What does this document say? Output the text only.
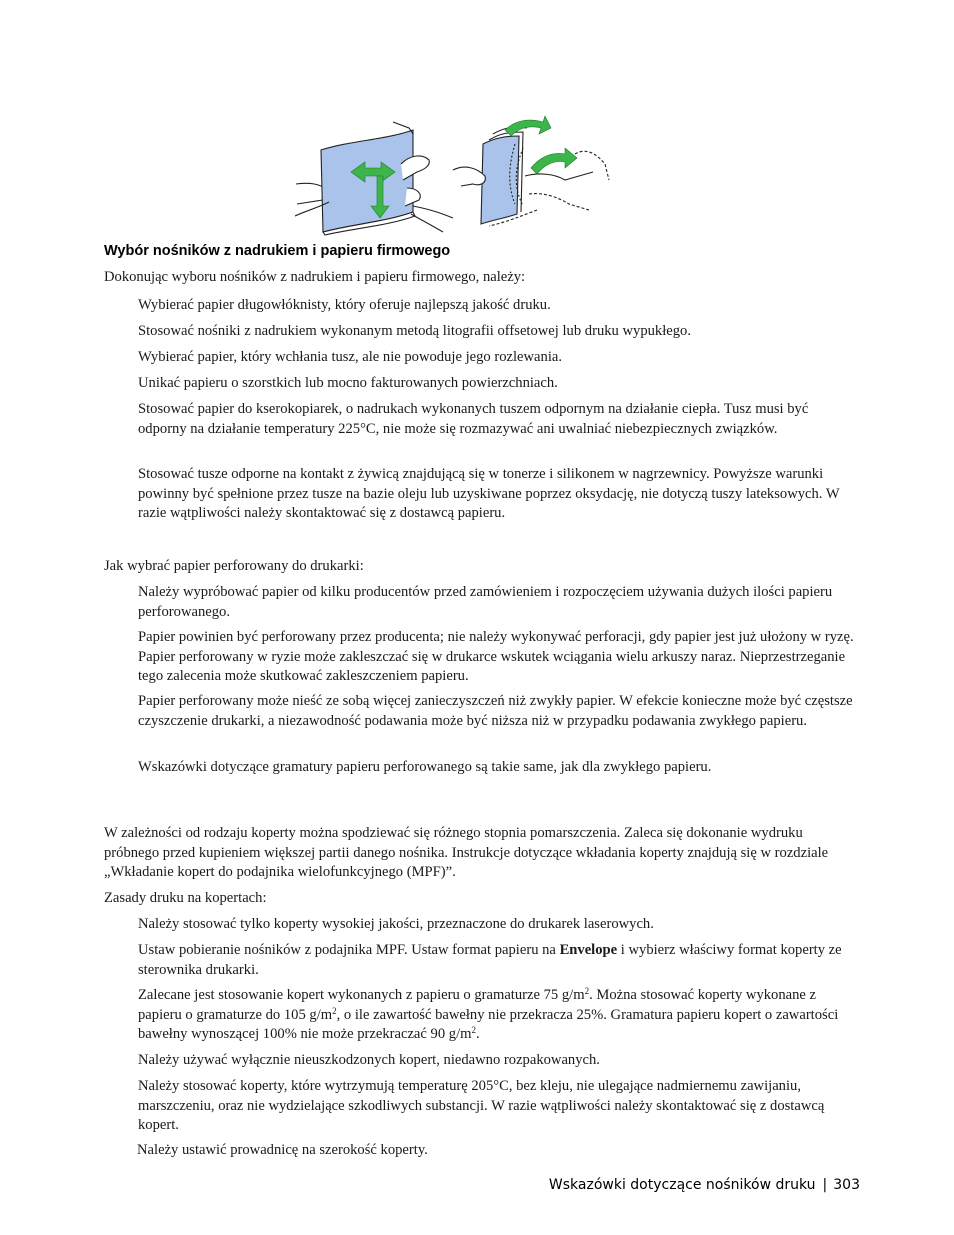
Wybór nośników z nadrukiem i papieru firmowego
Dokonując wyboru nośników z nadrukiem i papieru firmowego, należy:
Wybierać papier długowłóknisty, który oferuje najlepszą jakość druku.
Stosować nośniki z nadrukiem wykonanym metodą litografii offsetowej lub druku wypukłego.
Wybierać papier, który wchłania tusz, ale nie powoduje jego rozlewania.
Unikać papieru o szorstkich lub mocno fakturowanych powierzchniach.
Stosować papier do kserokopiarek, o nadrukach wykonanych tuszem odpornym na działanie ciepła. Tusz musi być odporny na działanie temperatury 225°C, nie może się rozmazywać ani uwalniać niebezpiecznych związków.
Stosować tusze odporne na kontakt z żywicą znajdującą się w tonerze i silikonem w nagrzewnicy. Powyższe warunki powinny być spełnione przez tusze na bazie oleju lub uzyskiwane poprzez oksydację, nie dotyczą tuszy lateksowych. W razie wątpliwości należy skontaktować się z dostawcą papieru.
Jak wybrać papier perforowany do drukarki:
Należy wypróbować papier od kilku producentów przed zamówieniem i rozpoczęciem używania dużych ilości papieru perforowanego.
Papier powinien być perforowany przez producenta; nie należy wykonywać perforacji, gdy papier jest już ułożony w ryzę. Papier perforowany w ryzie może zakleszczać się w drukarce wskutek wciągania wielu arkuszy naraz. Nieprzestrzeganie tego zalecenia może skutkować zakleszczeniem papieru.
Papier perforowany może nieść ze sobą więcej zanieczyszczeń niż zwykły papier. W efekcie konieczne może być częstsze czyszczenie drukarki, a niezawodność podawania może być niższa niż w przypadku podawania zwykłego papieru.
Wskazówki dotyczące gramatury papieru perforowanego są takie same, jak dla zwykłego papieru.
W zależności od rodzaju koperty można spodziewać się różnego stopnia pomarszczenia. Zaleca się dokonanie wydruku próbnego przed kupieniem większej partii danego nośnika. Instrukcje dotyczące wkładania koperty znajdują się w rozdziale „Wkładanie kopert do podajnika wielofunkcyjnego (MPF)”.
Zasady druku na kopertach:
Należy stosować tylko koperty wysokiej jakości, przeznaczone do drukarek laserowych.
Ustaw pobieranie nośników z podajnika MPF. Ustaw format papieru na Envelope i wybierz właściwy format koperty ze sterownika drukarki.
Zalecane jest stosowanie kopert wykonanych z papieru o gramaturze 75 $g/m^2$. Można stosować koperty wykonane z papieru o gramaturze do 105 $g/m^2$, o ile zawartość bawełny nie przekracza 25%. Gramatura papieru kopert o zawartości bawełny wynoszącej 100% nie może przekraczać 90 $g/m^2$.
Należy używać wyłącznie nieuszkodzonych kopert, niedawno rozpakowanych.
Należy stosować koperty, które wytrzymują temperaturę 205°C, bez kleju, nie ulegające nadmiernemu zawijaniu, marszczeniu, oraz nie wydzielające szkodliwych substancji. W razie wątpliwości należy skontaktować się z dostawcą kopert.
Należy ustawić prowadnicę na szerokość koperty.
Wskazówki dotyczące nośników druku | 303
